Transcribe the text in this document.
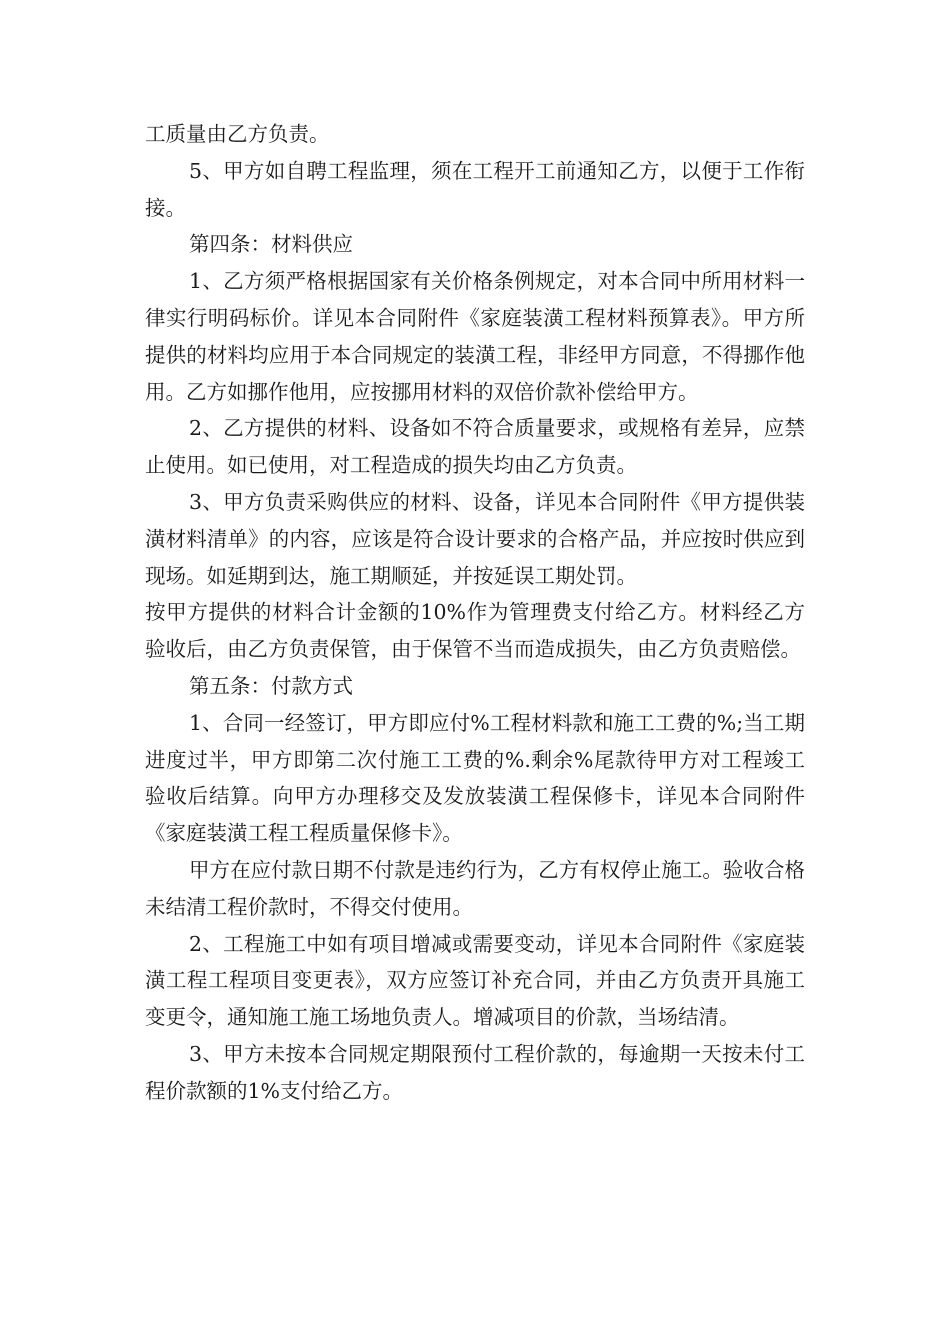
工质量由乙方负责。

5、甲方如自聘工程监理，须在工程开工前通知乙方，以便于工作衔接。

第四条：材料供应

1、乙方须严格根据国家有关价格条例规定，对本合同中所用材料一律实行明码标价。详见本合同附件《家庭装潢工程材料预算表》。甲方所提供的材料均应用于本合同规定的装潢工程，非经甲方同意，不得挪作他用。乙方如挪作他用，应按挪用材料的双倍价款补偿给甲方。

2、乙方提供的材料、设备如不符合质量要求，或规格有差异，应禁止使用。如已使用，对工程造成的损失均由乙方负责。

3、甲方负责采购供应的材料、设备，详见本合同附件《甲方提供装潢材料清单》的内容，应该是符合设计要求的合格产品，并应按时供应到现场。如延期到达，施工期顺延，并按延误工期处罚。

按甲方提供的材料合计金额的10%作为管理费支付给乙方。材料经乙方验收后，由乙方负责保管，由于保管不当而造成损失，由乙方负责赔偿。

第五条：付款方式

1、合同一经签订，甲方即应付%工程材料款和施工工费的%;当工期进度过半，甲方即第二次付施工工费的%.剩余%尾款待甲方对工程竣工验收后结算。向甲方办理移交及发放装潢工程保修卡，详见本合同附件《家庭装潢工程工程质量保修卡》。

甲方在应付款日期不付款是违约行为，乙方有权停止施工。验收合格未结清工程价款时，不得交付使用。

2、工程施工中如有项目增减或需要变动，详见本合同附件《家庭装潢工程工程项目变更表》，双方应签订补充合同，并由乙方负责开具施工变更令，通知施工施工场地负责人。增减项目的价款，当场结清。

3、甲方未按本合同规定期限预付工程价款的，每逾期一天按未付工程价款额的1%支付给乙方。
